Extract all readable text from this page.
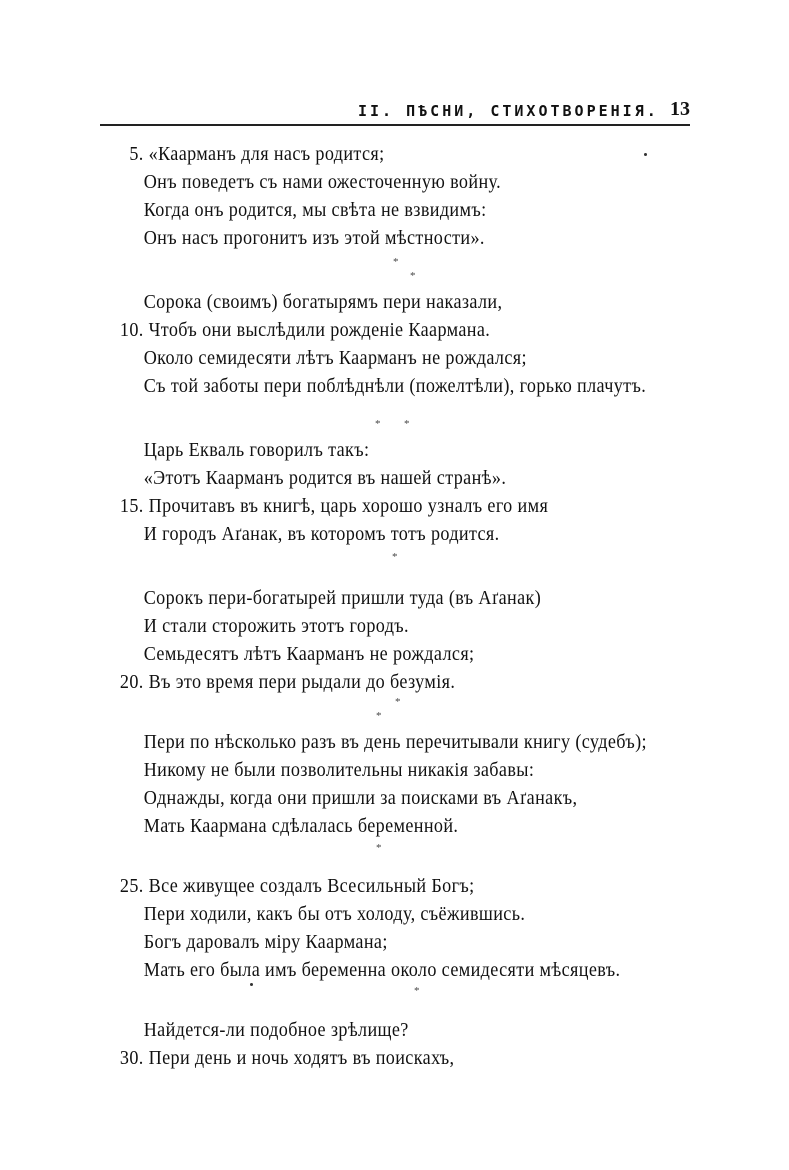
II. ПѢСНИ, СТИХОТВОРЕНІЯ. 13
5. «Каарманъ для насъ родится;
Онъ поведетъ съ нами ожесточенную войну.
Когда онъ родится, мы свѣта не взвидимъ:
Онъ насъ прогонитъ изъ этой мѣстности».
*
*
Сорока (своимъ) богатырямъ пери наказали,
10. Чтобъ они выслѣдили рожденіе Каармана.
Около семидесяти лѣтъ Каарманъ не рождался;
Съ той заботы пери поблѣднѣли (пожелтѣли), горько плачутъ.
* *
Царь Екваль говорилъ такъ:
«Этотъ Каарманъ родится въ нашей странѣ».
15. Прочитавъ въ книгѣ, царь хорошо узналъ его имя
И городъ Аґанак, въ которомъ тотъ родится.
*
Сорокъ пери-богатырей пришли туда (въ Аґанак)
И стали сторожить этотъ городъ.
Семьдесятъ лѣтъ Каарманъ не рождался;
20. Въ это время пери рыдали до безумія.
*
*
Пери по нѣсколько разъ въ день перечитывали книгу (судебъ);
Никому не были позволительны никакія забавы:
Однажды, когда они пришли за поисками въ Аґанакъ,
Мать Каармана сдѣлалась беременной.
*
25. Все живущее создалъ Всесильный Богъ;
Пери ходили, какъ бы отъ холоду, съёжившись.
Богъ даровалъ міру Каармана;
Мать его была имъ беременна около семидесяти мѣсяцевъ.
*
Найдется-ли подобное зрѣлище?
30. Пери день и ночь ходятъ въ поискахъ,
